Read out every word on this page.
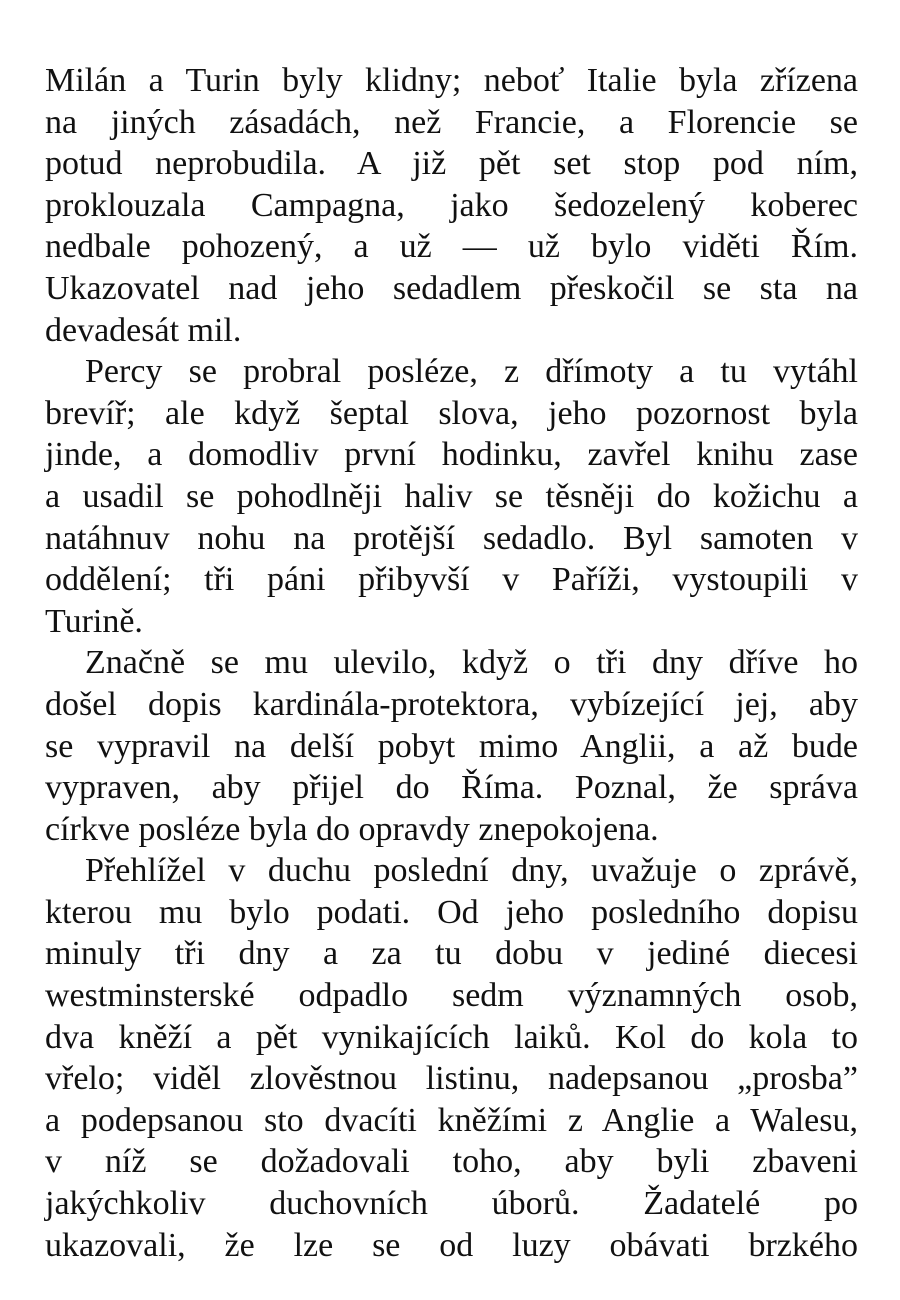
Milán a Turin byly klidny; neboť Italie byla zřízena
na jiných zásadách, než Francie, a Florencie se
potud neprobudila. A již pět set stop pod ním,
proklouzala Campagna, jako šedozelený koberec
nedbale pohozený, a už — už bylo viděti Řím.
Ukazovatel nad jeho sedadlem přeskočil se sta na
devadesát mil.
Percy se probral posléze, z dřímoty a tu vytáhl
brevíř; ale když šeptal slova, jeho pozornost byla
jinde, a domodliv první hodinku, zavřel knihu zase
a usadil se pohodlněji haliv se těsněji do kožichu a
natáhnuv nohu na protější sedadlo. Byl samoten v
oddělení; tři páni přibyvší v Paříži, vystoupili v
Turině.
Značně se mu ulevilo, když o tři dny dříve ho
došel dopis kardinála-protektora, vybízející jej, aby
se vypravil na delší pobyt mimo Anglii, a až bude
vypraven, aby přijel do Říma. Poznal, že správa
církve posléze byla do opravdy znepokojena.
Přehlížel v duchu poslední dny, uvažuje o zprávě,
kterou mu bylo podati. Od jeho posledního dopisu
minuly tři dny a za tu dobu v jediné diecesi
westminsterské odpadlo sedm významných osob,
dva kněží a pět vynikajících laiků. Kol do kola to
vřelo; viděl zlověstnou listinu, nadepsanou „prosba”
a podepsanou sto dvacíti kněžími z Anglie a Walesu,
v níž se dožadovali toho, aby byli zbaveni
jakýchkoliv duchovních úborů. Žadatelé po
ukazovali, že lze se od luzy obávati brzkého
